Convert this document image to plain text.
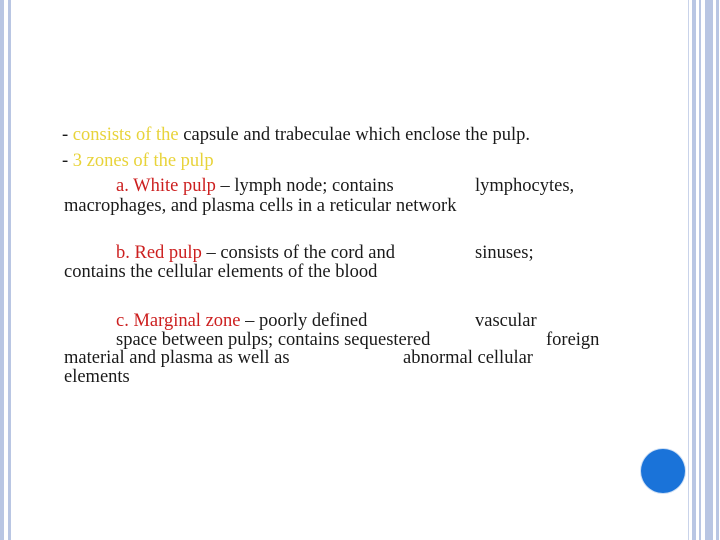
- consists of the capsule and trabeculae which enclose the pulp.
- 3 zones of the pulp
a. White pulp – lymph node; contains	lymphocytes,
macrophages, and plasma cells in a reticular network
b. Red pulp – consists of the cord and	sinuses;
contains the cellular elements of the blood
c. Marginal zone – poorly defined	vascular
space between pulps; contains sequestered	foreign
material and plasma as well as	abnormal cellular
elements
